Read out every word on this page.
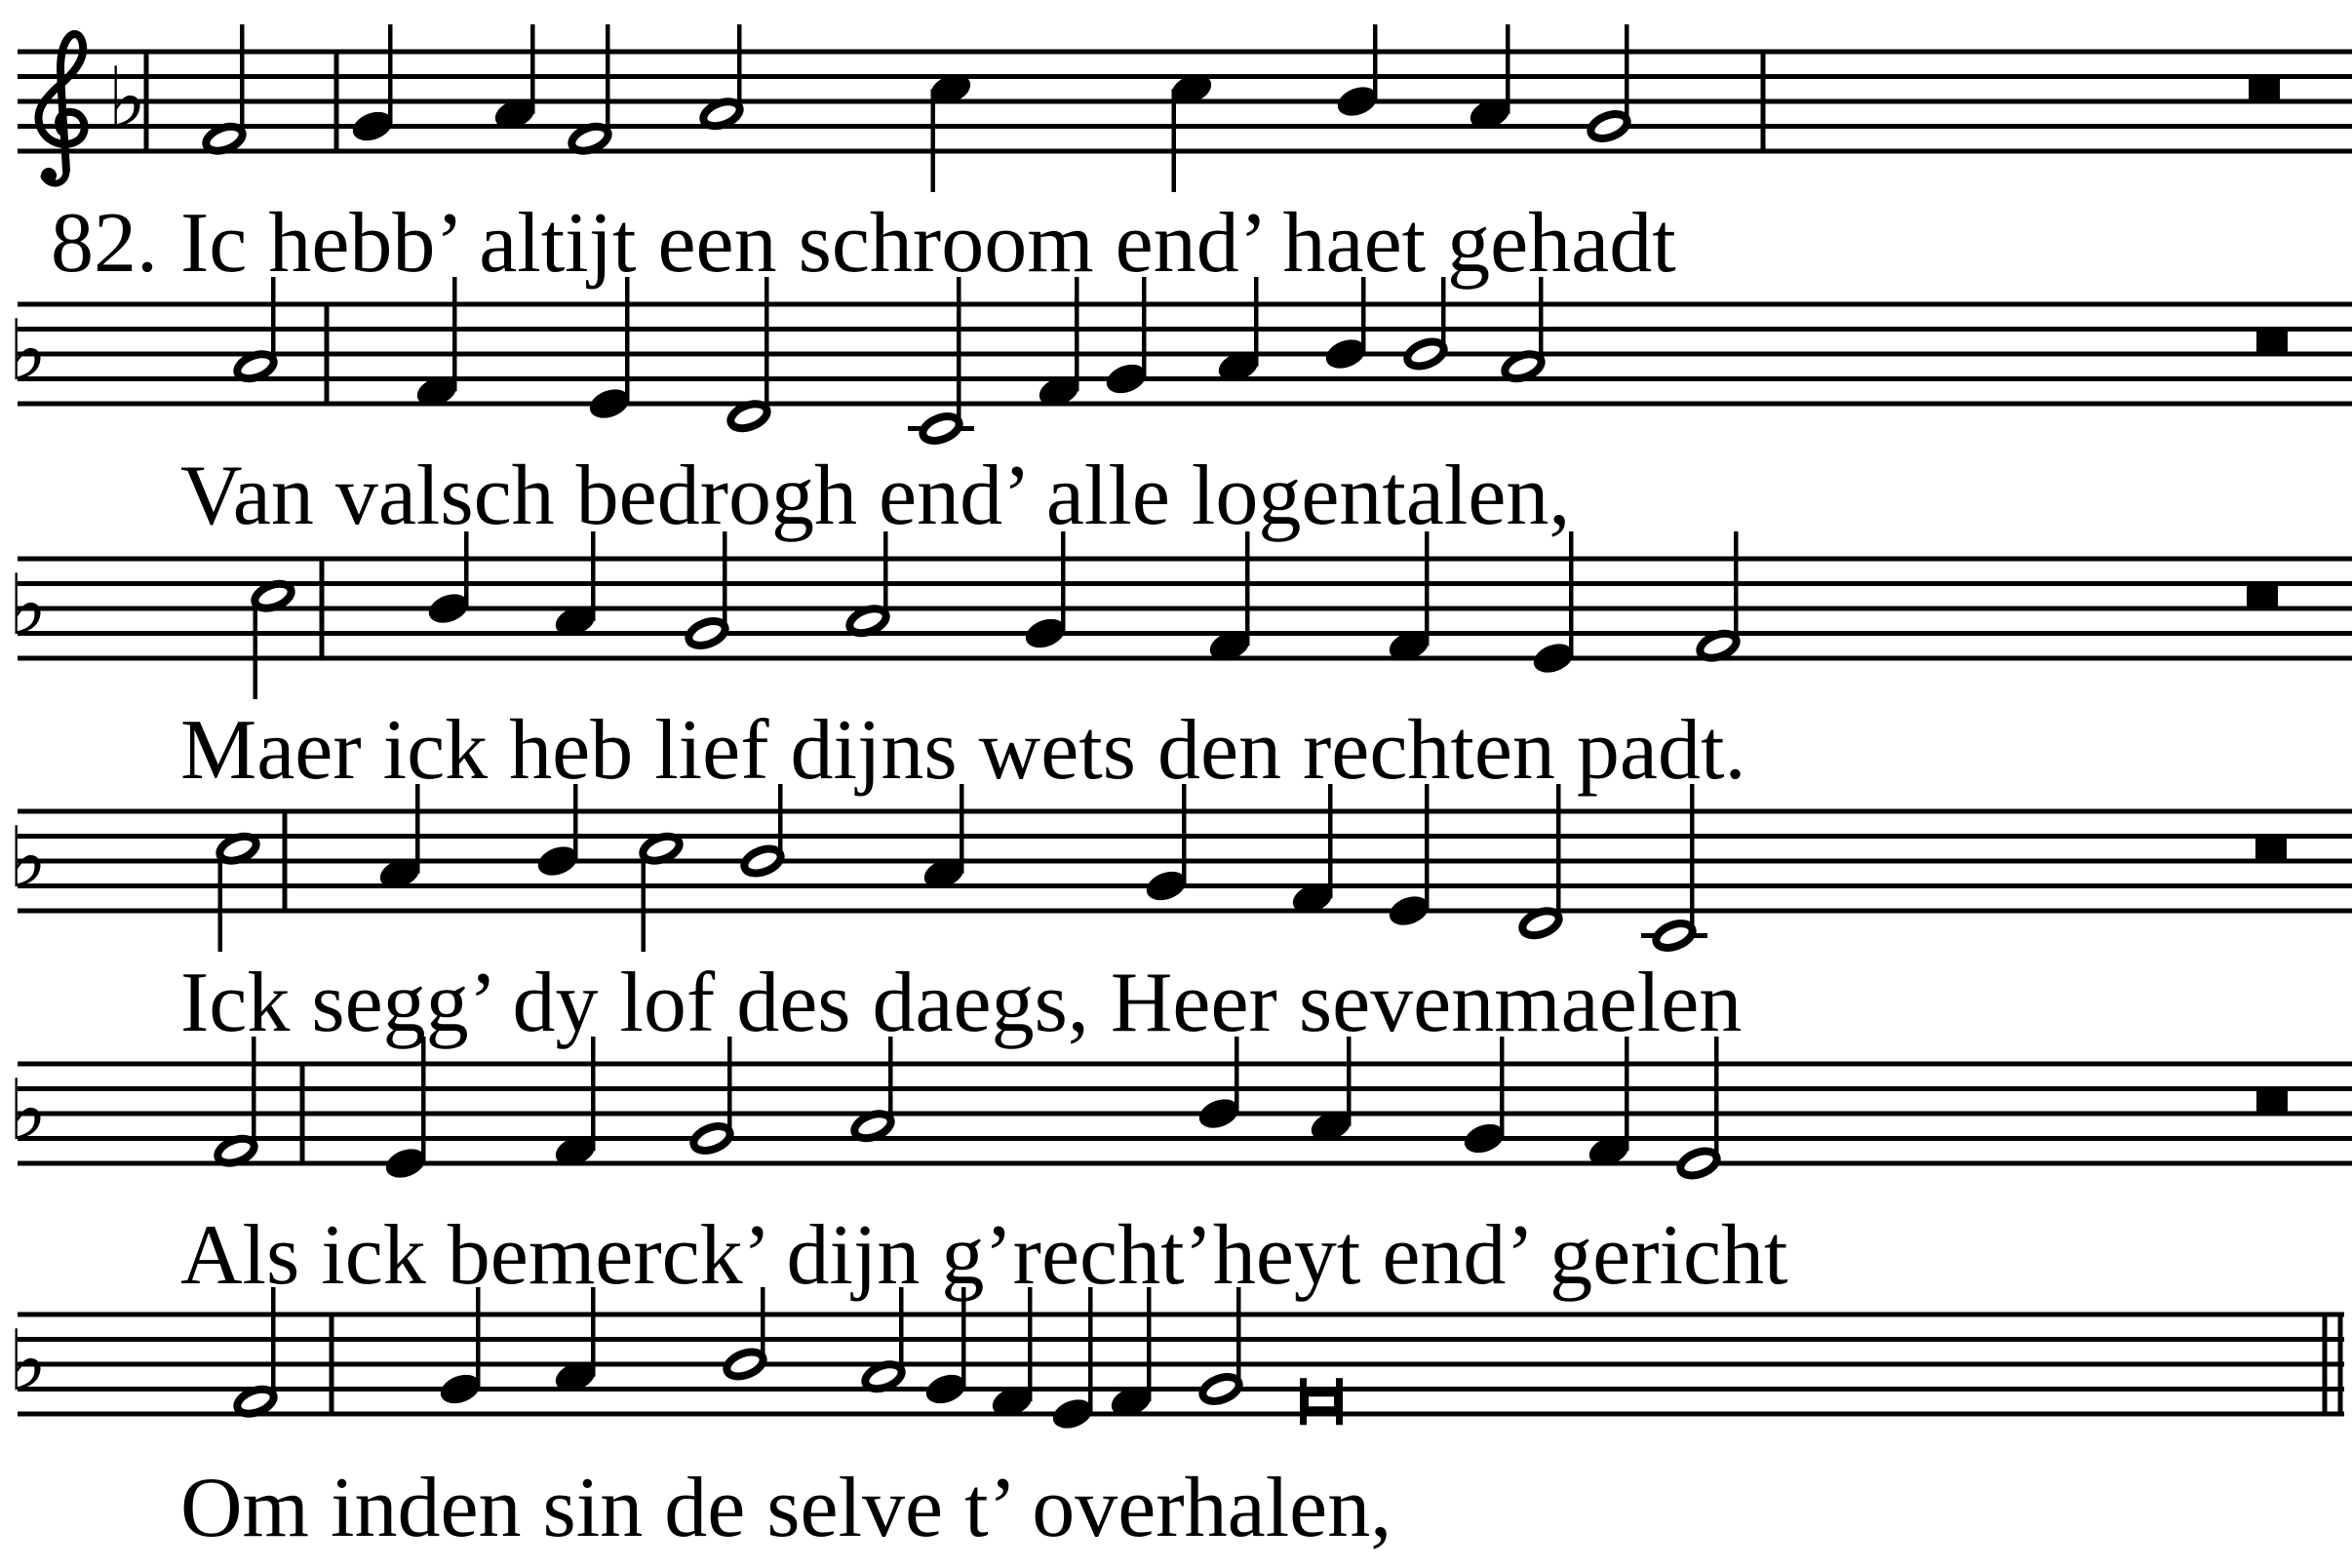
♭
♭
♭
♭
♭
♭
82. Ic hebb’ altijt een schroom end’ haet gehadt
Van valsch bedrogh end’ alle logentalen,
Maer ick heb lief dijns wets den rechten padt.
Ick segg’ dy lof des daegs, Heer sevenmaelen
Als ick bemerck’ dijn g’recht’heyt end’ gericht
Om inden sin de selve t’ overhalen,
